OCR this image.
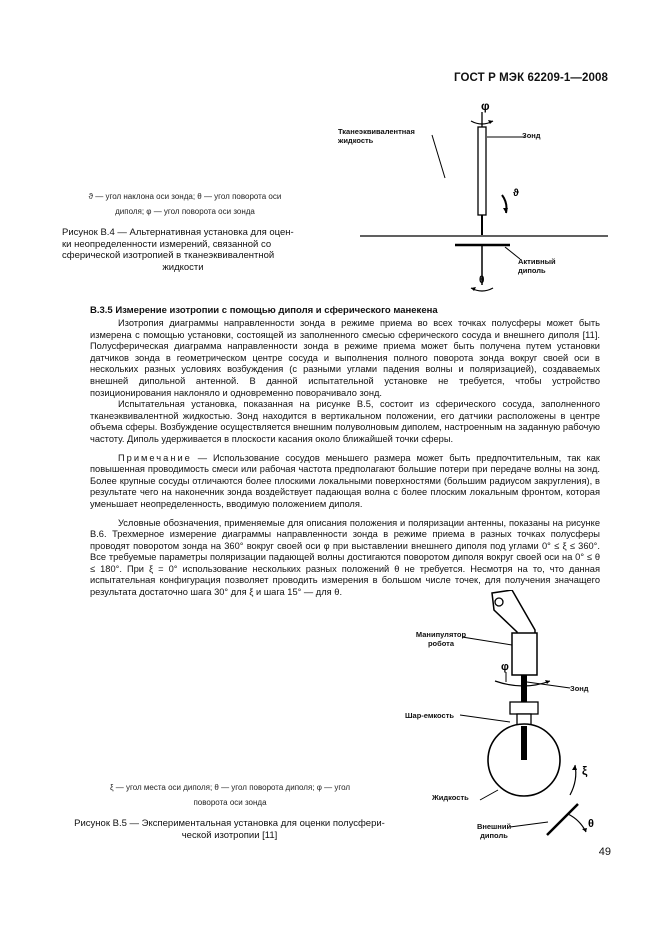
ГОСТ Р МЭК 62209-1—2008
φ
ϑ
θ
Тканеэквивалентная жидкость
Зонд
Активный диполь
ϑ — угол наклона оси зонда; θ — угол поворота оси
диполя; φ — угол поворота оси зонда
Рисунок В.4 — Альтернативная установка для оцен-
ки неопределенности измерений, связанной со
сферической изотропией в тканеэквивалентной
жидкости
В.3.5 Измерение изотропии с помощью диполя и сферического манекена

Изотропия диаграммы направленности зонда в режиме приема во всех точках полусферы может быть измерена с помощью установки, состоящей из заполненного смесью сферического сосуда и внешнего диполя [11]. Полусферическая диаграмма направленности зонда в режиме приема может быть получена путем установки датчиков зонда в геометрическом центре сосуда и выполнения полного поворота зонда вокруг своей оси в нескольких разных условиях возбуждения (с разными углами падения волны и поляризацией), создаваемых внешней дипольной антенной. В данной испытательной установке не требуется, чтобы устройство позиционирования наклоняло и одновременно поворачивало зонд.

Испытательная установка, показанная на рисунке В.5, состоит из сферического сосуда, заполненного тканеэквивалентной жидкостью. Зонд находится в вертикальном положении, его датчики расположены в центре объема сферы. Возбуждение осуществляется внешним полуволновым диполем, настроенным на заданную рабочую частоту. Диполь удерживается в плоскости касания около ближайшей точки сферы.

Примечание — Использование сосудов меньшего размера может быть предпочтительным, так как повышенная проводимость смеси или рабочая частота предполагают большие потери при передаче волны на зонд. Более крупные сосуды отличаются более плоскими локальными поверхностями (большим радиусом закругления), в результате чего на наконечник зонда воздействует падающая волна с более плоским локальным фронтом, которая уменьшает неопределенность, вводимую положением диполя.

Условные обозначения, применяемые для описания положения и поляризации антенны, показаны на рисунке В.6. Трехмерное измерение диаграммы направленности зонда в режиме приема в разных точках полусферы проводят поворотом зонда на 360° вокруг своей оси φ при выставлении внешнего диполя под углами 0° ≤ ξ ≤ 360°. Все требуемые параметры поляризации падающей волны достигаются поворотом диполя вокруг своей оси на 0° ≤ θ ≤ 180°. При ξ = 0° использование нескольких разных положений θ не требуется. Несмотря на то, что данная испытательная конфигурация позволяет проводить измерения в большом числе точек, для получения значащего результата достаточно шага 30° для ξ и шага 15° — для θ.

φ
ξ
θ
Манипулятор
робота
Зонд
Шар-емкость
Жидкость
Внешний
диполь
ξ — угол места оси диполя; θ — угол поворота диполя; φ — угол
поворота оси зонда
Рисунок В.5 — Экспериментальная установка для оценки полусфери-
ческой изотропии [11]
49
